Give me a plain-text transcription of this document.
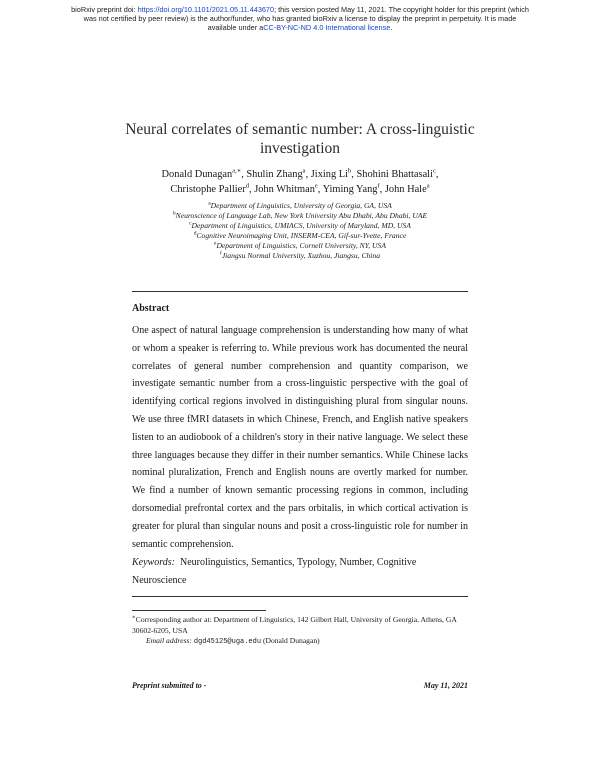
bioRxiv preprint doi: https://doi.org/10.1101/2021.05.11.443670; this version posted May 11, 2021. The copyright holder for this preprint (which
was not certified by peer review) is the author/funder, who has granted bioRxiv a license to display the preprint in perpetuity. It is made
available under aCC-BY-NC-ND 4.0 International license.
Neural correlates of semantic number: A cross-linguistic
investigation
Donald Dunagan$^{a,∗}$, Shulin Zhang$^a$, Jixing Li$^b$, Shohini Bhattasali$^c$,
Christophe Pallier$^d$, John Whitman$^e$, Yiming Yang$^f$, John Hale$^a$
$^a$Department of Linguistics, University of Georgia, GA, USA
$^b$Neuroscience of Language Lab, New York University Abu Dhabi, Abu Dhabi, UAE
$^c$Department of Linguistics, UMIACS, University of Maryland, MD, USA
$^d$Cognitive Neuroimaging Unit, INSERM-CEA, Gif-sur-Yvette, France
$^e$Department of Linguistics, Cornell University, NY, USA
$^f$Jiangsu Normal University, Xuzhou, Jiangsu, China
Abstract

One aspect of natural language comprehension is understanding how many of what or whom a speaker is referring to. While previous work has documented the neural correlates of general number comprehension and quantity comparison, we investigate semantic number from a cross-linguistic perspective with the goal of identifying cortical regions involved in distinguishing plural from singular nouns. We use three fMRI datasets in which Chinese, French, and English native speakers listen to an audiobook of a children's story in their native language. We select these three languages because they differ in their number semantics. While Chinese lacks nominal pluralization, French and English nouns are overtly marked for number. We find a number of known semantic processing regions in common, including dorsomedial prefrontal cortex and the pars orbitalis, in which cortical activation is greater for plural than singular nouns and posit a cross-linguistic role for number in semantic comprehension.

Keywords: Neurolinguistics, Semantics, Typology, Number, Cognitive Neuroscience

∗Corresponding author at: Department of Linguistics, 142 Gilbert Hall, University of Georgia, Athens, GA 30602-6205, USA
Email address: dgd45125@uga.edu (Donald Dunagan)

Preprint submitted to -	May 11, 2021
